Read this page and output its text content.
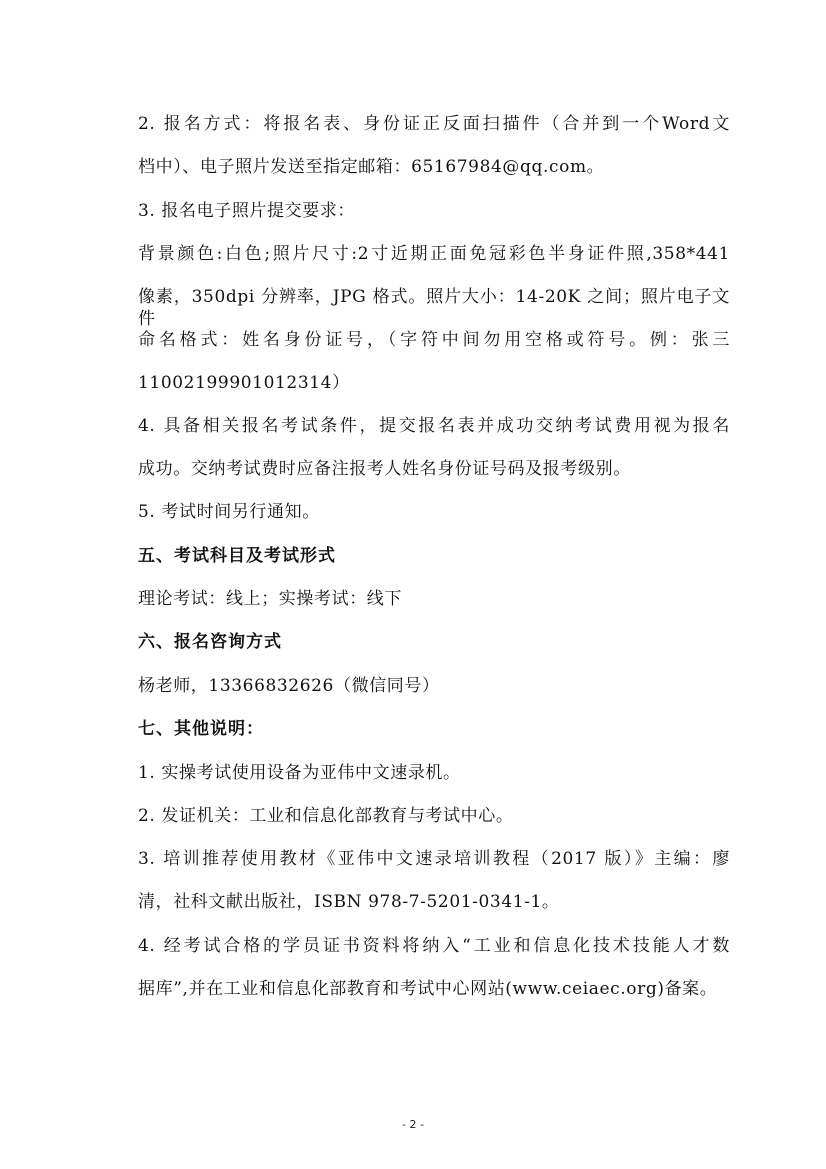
2. 报名方式：将报名表、身份证正反面扫描件（合并到一个Word文
档中）、电子照片发送至指定邮箱：65167984@qq.com。
3. 报名电子照片提交要求：
背景颜色:白色;照片尺寸:2寸近期正面免冠彩色半身证件照,358*441
像素，350dpi 分辨率，JPG 格式。照片大小：14-20K 之间；照片电子文件
命名格式：姓名身份证号，（字符中间勿用空格或符号。例：张三
11002199901012314）
4. 具备相关报名考试条件，提交报名表并成功交纳考试费用视为报名
成功。交纳考试费时应备注报考人姓名身份证号码及报考级别。
5. 考试时间另行通知。
五、考试科目及考试形式
理论考试：线上；实操考试：线下
六、报名咨询方式
杨老师，13366832626（微信同号）
七、其他说明：
1. 实操考试使用设备为亚伟中文速录机。
2. 发证机关：工业和信息化部教育与考试中心。
3. 培训推荐使用教材《亚伟中文速录培训教程（2017 版）》主编：廖
清，社科文献出版社，ISBN 978-7-5201-0341-1。
4. 经考试合格的学员证书资料将纳入“工业和信息化技术技能人才数
据库”,并在工业和信息化部教育和考试中心网站(www.ceiaec.org)备案。
- 2 -
